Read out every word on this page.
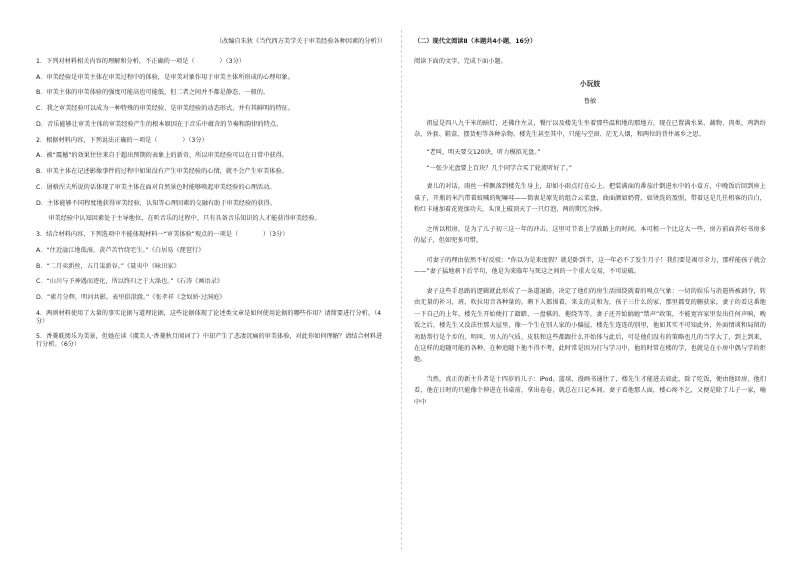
（改编自朱狄《当代西方美学关于审美经验各种因素的分析》）

1．下列对材料相关内容的理解和分析，不正确的一项是（　　　　）（3分）

A．审美经验是审美主体在审美过程中的体验，是审美对象作用于审美主体所形成的心理印象。

B．审美主体的审美体验的强度可能高也可能低，但二者之间并不都是静态、一般的。

C．我之审美经验可以成为一种特殊的审美经验，是审美经验的动态形式，并有其鲜明的特征。

D．音乐能够让审美主体的审美经验产生的根本原因在于音乐中蕴含的节奏和韵律的特点。

2．根据材料内容，下列说法正确的一项是（　　　　）（3分）

A．被“震撼”的效果往往来自于超出预期的表象上的新奇，所以审美经验可以在日常中获得。

B．审美主体在记述影像事件的过程中如果没有产生审美经验的心情，就不会产生审美体验。

C．屠格涅夫所说的话体现了审美主体在面对自然景色时能够唤起审美经验的心理活动。

D．主体能够不同程度地获得审美经验，认知等心理因素的交融有助于审美经验的获得。

　　审美经验中认知因素处于主导地位，在听音乐的过程中，只有具备音乐知识的人才能获得审美经验。

3．结合材料内容，下列选项中不能体现材料一“审美体验”观点的一项是（　　　　）（3分）

A．“住近湓江地低湿，黄芦苦竹绕宅生。”《白居易《琵琶行》

B．“二月卖新丝，五月粜新谷。”《聂夷中《咏田家》

C．“山川与予神遇而迹化，所以终归之于大涤也。”《石涛《画语录》

D．“素月分辉，明河共影，表里俱澄澈。”《张孝祥《念奴娇·过洞庭》

4．两则材料使用了大量的事实论据与道理论据，这些论据体现了论述类文章是如何使用论据的哪些作用？请简要进行分析。（4分）

5．香菱耽阅乐为美景，但她在读《虞美人·香菱秋月闻词了》中却产生了悲凄沉痛的审美体验，对此你如何理解？请结合材料进行分析。（6分）

（二）现代文阅读Ⅱ（本题共4小题，16分）

阅读下面的文字，完成下面小题。

小玩妓

鲁敏

祖屋是四八九千米的暗灯，还佛住左灵，餐厅以及楼先生坐着那些温和地的那地方，现在已置满水果、蔬物、肉类、鸡鸽纷杂、外套、鞋盒、摆货柜等各种杂物。楼先生甚至其中，只能与空窗、茫无人烟，和两位的背井离乡之思。

“老叫，明天要交120块，听力模拟光盘。”

“一张少光盘要上百块？几个同学合买了轮流听好了。”

妻儿的对话，雨丝一样飘落到楼先生身上，却如小雨点打在心上。把装满面的番茄汁倒进水中的小盒方，中晚饭后回到座上桌子，开瓶的米汽带着蚊喊的呢嘛哇——简衷是原先的组合云菜盘，曲面颜如奶膏，如烫洗的盈照，带着这是几任租客的自白，粉红卡通加着花瓷加功夫，头顶上破顶天了一只灯泡，两的期冗余捧。

之所以租房，是为了儿子初三这一年的冲击，这里可节省上学放路上的时间。本可租一个比这大一些，房方前面养好书房多的屋子，但如兜多可惜。

可妻子的理由依然不好反驳：“你以为是来度假？就是卧到半，这一年必不了发生月子！我们要是竭尽全力，那样能孩子就会——”妻子猛地刹下后半句，他是为来临年与死这之间的一个重大交易，不可说破。

妻子这些手思路的逻辑就此形成了一条道退路，决定了他们的房生活围绕就着的嗅点气象：一切的娱乐与消遣皆被剥夺，转由无量的补习，班、吹拉用音各种量的。剩下人都围着，来支的灵和为，孩子三什么的家，那里都变的删获家。妻子的看这番地一下自己的上年，楼先生开始便打了籍踏、一盘棋的、拖绕等等，妻子还开始搞她“禁声”政策，不能宽容家里发出任何声响，晚饭之后，楼先生又没法往那大屋里，像一个生在别人家的小偏屋，楼先生连连的别里，他如其实不可知此外，外面情谈和局留的劝助帮行是个步的，明叫、男人的气质、皮肤和这些都跟什么开始体与此后，可是他们没有的策略也几的当学大了，到上到来，在这样的追随可能的各种，在种追随下他不得不考，此时常是因为打与学习中，他的时常在楼的学，也就是在小房中偶与学的拒绝。

当然，真正的新主升者是十四岁的儿子：iPod、篮球、漫画书通往了，楼先生才能进去如此，除了吃饭，便由他回房，他们看，他在日时的只能像个伸进在书桌前，拿出卷卷，就总在日记本间。妻子看他那人面，楼心疼不乞，又便是除了儿子一家，喻中中
